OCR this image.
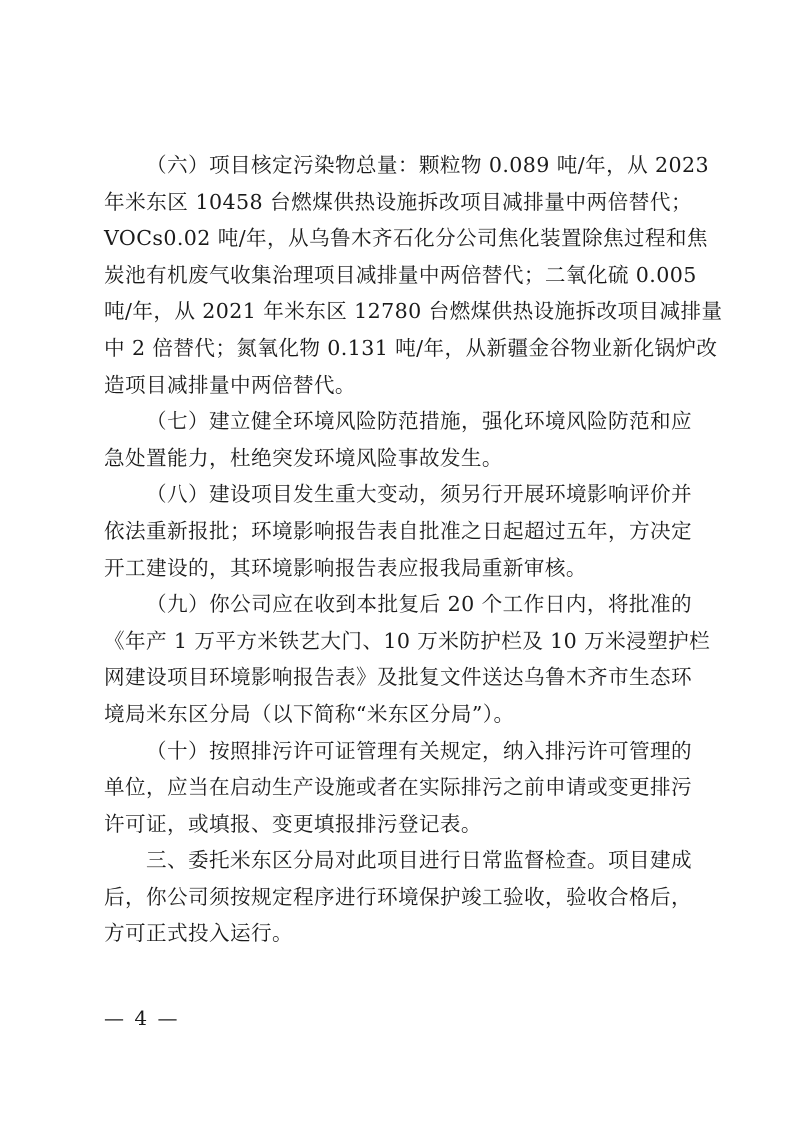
（六）项目核定污染物总量：颗粒物 0.089 吨/年，从 2023
年米东区 10458 台燃煤供热设施拆改项目减排量中两倍替代；
VOCs0.02 吨/年，从乌鲁木齐石化分公司焦化装置除焦过程和焦
炭池有机废气收集治理项目减排量中两倍替代；二氧化硫 0.005
吨/年，从 2021 年米东区 12780 台燃煤供热设施拆改项目减排量
中 2 倍替代；氮氧化物 0.131 吨/年，从新疆金谷物业新化锅炉改
造项目减排量中两倍替代。
（七）建立健全环境风险防范措施，强化环境风险防范和应
急处置能力，杜绝突发环境风险事故发生。
（八）建设项目发生重大变动，须另行开展环境影响评价并
依法重新报批；环境影响报告表自批准之日起超过五年，方决定
开工建设的，其环境影响报告表应报我局重新审核。
（九）你公司应在收到本批复后 20 个工作日内，将批准的
《年产 1 万平方米铁艺大门、10 万米防护栏及 10 万米浸塑护栏
网建设项目环境影响报告表》及批复文件送达乌鲁木齐市生态环
境局米东区分局（以下简称“米东区分局”）。
（十）按照排污许可证管理有关规定，纳入排污许可管理的
单位，应当在启动生产设施或者在实际排污之前申请或变更排污
许可证，或填报、变更填报排污登记表。
三、委托米东区分局对此项目进行日常监督检查。项目建成
后，你公司须按规定程序进行环境保护竣工验收，验收合格后，
方可正式投入运行。
— 4 —
